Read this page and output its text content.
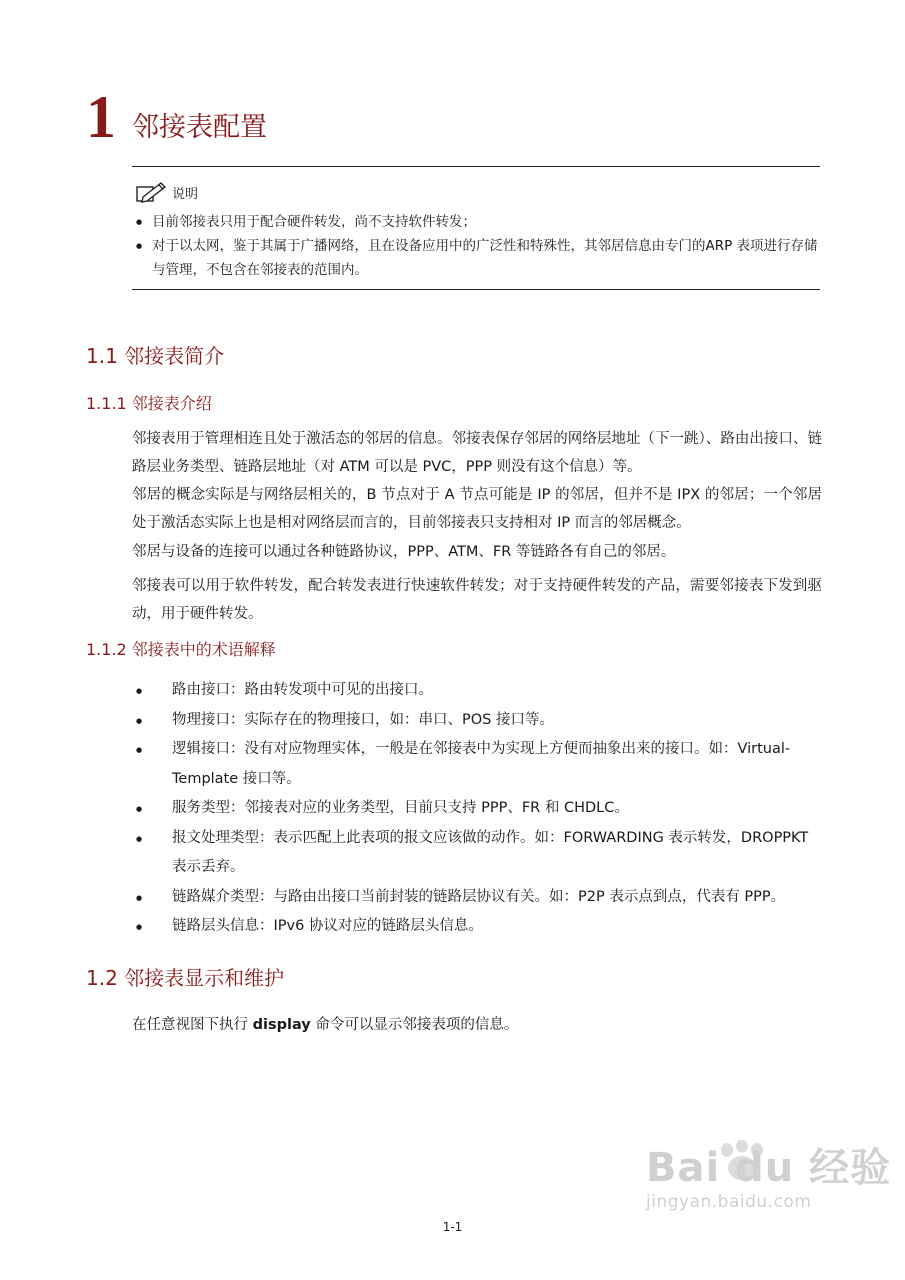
1 邻接表配置
说明
● 目前邻接表只用于配合硬件转发，尚不支持软件转发；
● 对于以太网，鉴于其属于广播网络，且在设备应用中的广泛性和特殊性，其邻居信息由专门的ARP 表项进行存储与管理，不包含在邻接表的范围内。
1.1 邻接表简介
1.1.1 邻接表介绍

邻接表用于管理相连且处于激活态的邻居的信息。邻接表保存邻居的网络层地址（下一跳）、路由出接口、链路层业务类型、链路层地址（对 ATM 可以是 PVC，PPP 则没有这个信息）等。

邻居的概念实际是与网络层相关的，B 节点对于 A 节点可能是 IP 的邻居，但并不是 IPX 的邻居；一个邻居处于激活态实际上也是相对网络层而言的，目前邻接表只支持相对 IP 而言的邻居概念。

邻居与设备的连接可以通过各种链路协议，PPP、ATM、FR 等链路各有自己的邻居。

邻接表可以用于软件转发，配合转发表进行快速软件转发；对于支持硬件转发的产品，需要邻接表下发到驱动，用于硬件转发。

1.1.2 邻接表中的术语解释
● 路由接口：路由转发项中可见的出接口。
● 物理接口：实际存在的物理接口，如：串口、POS 接口等。
● 逻辑接口：没有对应物理实体，一般是在邻接表中为实现上方便而抽象出来的接口。如：Virtual-Template 接口等。
● 服务类型：邻接表对应的业务类型，目前只支持 PPP、FR 和 CHDLC。
● 报文处理类型：表示匹配上此表项的报文应该做的动作。如：FORWARDING 表示转发，DROPPKT 表示丢弃。
● 链路媒介类型：与路由出接口当前封装的链路层协议有关。如：P2P 表示点到点，代表有 PPP。
● 链路层头信息：IPv6 协议对应的链路层头信息。
1.2 邻接表显示和维护

在任意视图下执行 display 命令可以显示邻接表项的信息。

Bai du 经验
jingyan.baidu.com
1-1
